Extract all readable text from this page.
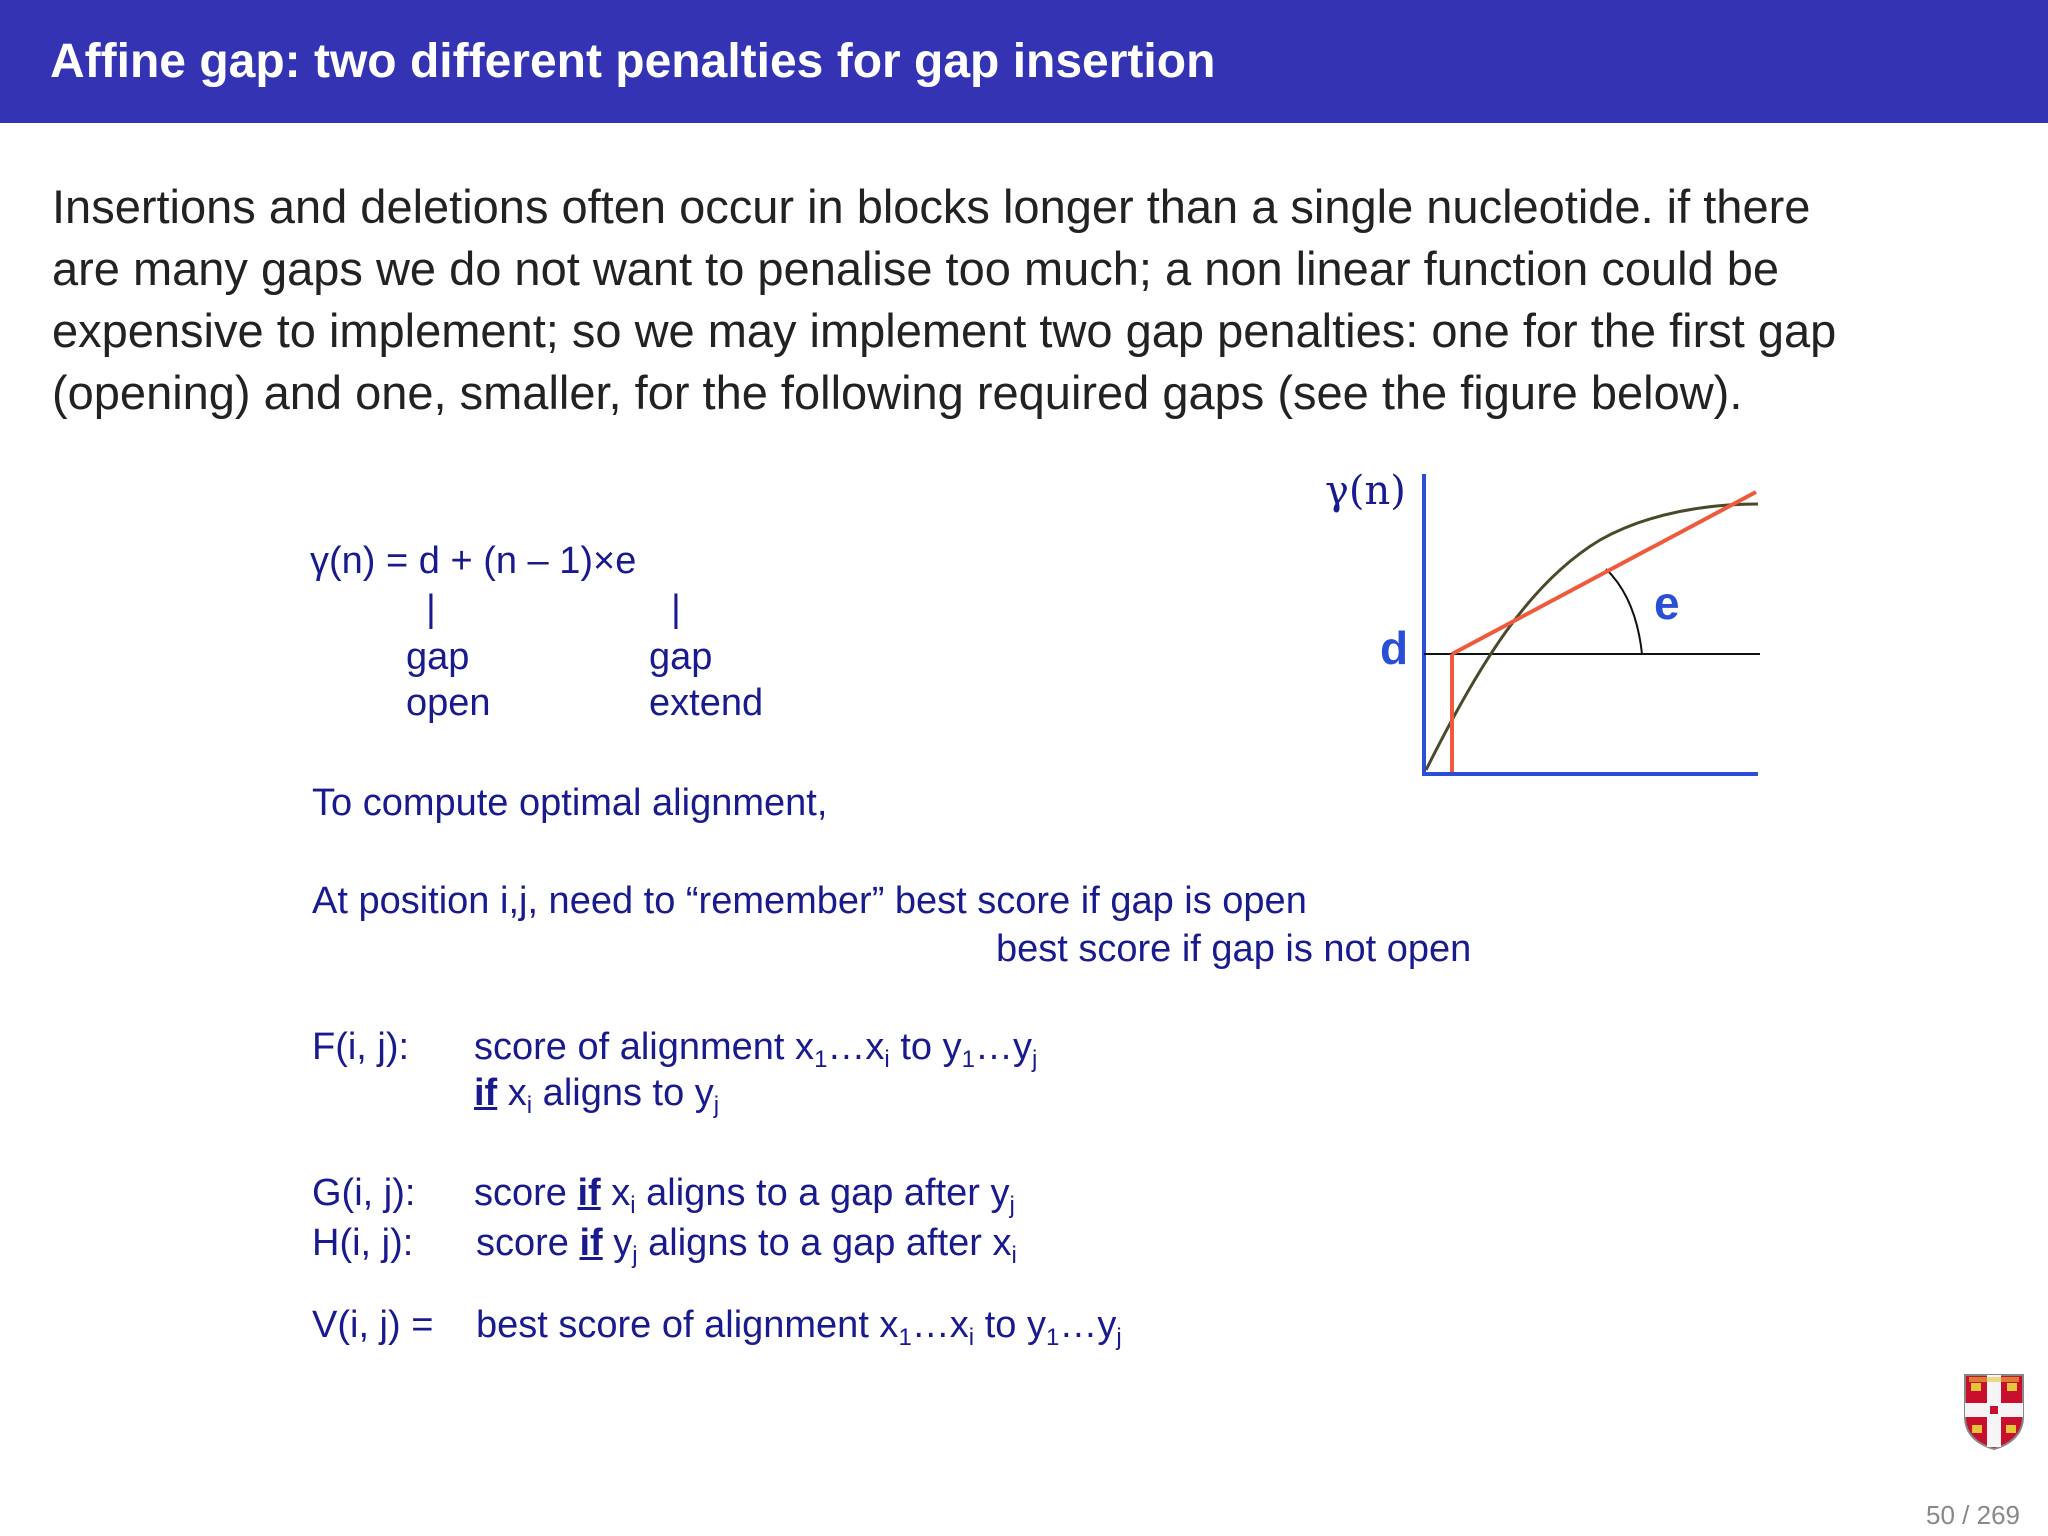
Affine gap: two different penalties for gap insertion
Insertions and deletions often occur in blocks longer than a single nucleotide. if there
are many gaps we do not want to penalise too much; a non linear function could be
expensive to implement; so we may implement two gap penalties: one for the first gap
(opening) and one, smaller, for the following required gaps (see the figure below).
γ(n) = d + (n – 1)×e
|	|
gap
open
gap
extend
To compute optimal alignment,
At position i,j, need to “remember” best score if gap is open
best score if gap is not open
F(i, j): score of alignment $x_1\dots x_i$ to $y_1\dots y_j$
if $x_i$ aligns to $y_j$
G(i, j): score if $x_i$ aligns to a gap after $y_j$
H(i, j): score if $y_j$ aligns to a gap after $x_i$
V(i, j) = best score of alignment $x_1\dots x_i$ to $y_1\dots y_j$
γ(n)
d
e
50 / 269
